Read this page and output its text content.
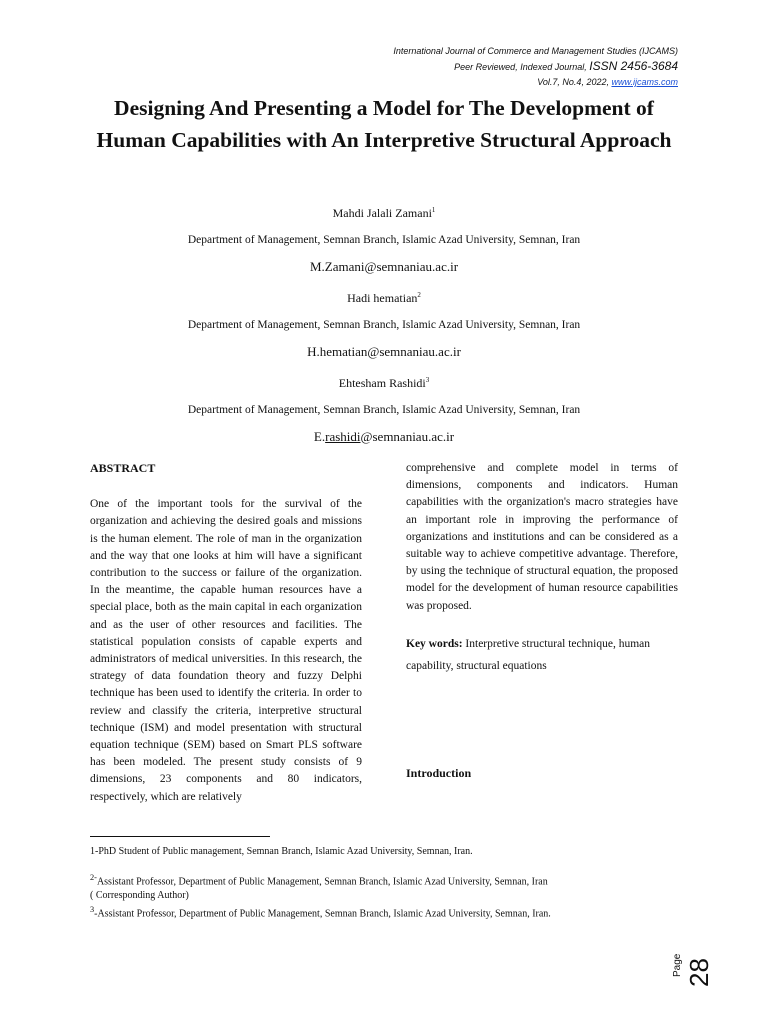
International Journal of Commerce and Management Studies (IJCAMS)
Peer Reviewed, Indexed Journal, ISSN 2456-3684
Vol.7, No.4, 2022, www.ijcams.com
Designing And Presenting a Model for The Development of Human Capabilities with An Interpretive Structural Approach
Mahdi Jalali Zamani$^1$
Department of Management, Semnan Branch, Islamic Azad University, Semnan, Iran
M.Zamani@semnaniau.ac.ir
Hadi hematian$^2$
Department of Management, Semnan Branch, Islamic Azad University, Semnan, Iran
H.hematian@semnaniau.ac.ir
Ehtesham Rashidi$^3$
Department of Management, Semnan Branch, Islamic Azad University, Semnan, Iran
E.rashidi@semnaniau.ac.ir
ABSTRACT

One of the important tools for the survival of the organization and achieving the desired goals and missions is the human element. The role of man in the organization and the way that one looks at him will have a significant contribution to the success or failure of the organization. In the meantime, the capable human resources have a special place, both as the main capital in each organization and as the user of other resources and facilities. The statistical population consists of capable experts and administrators of medical universities. In this research, the strategy of data foundation theory and fuzzy Delphi technique has been used to identify the criteria. In order to review and classify the criteria, interpretive structural technique (ISM) and model presentation with structural equation technique (SEM) based on Smart PLS software has been modeled. The present study consists of 9 dimensions, 23 components and 80 indicators, respectively, which are relatively

comprehensive and complete model in terms of dimensions, components and indicators. Human capabilities with the organization's macro strategies have an important role in improving the performance of organizations and institutions and can be considered as a suitable way to achieve competitive advantage. Therefore, by using the technique of structural equation, the proposed model for the development of human resource capabilities was proposed.

Key words: Interpretive structural technique, human capability, structural equations
Introduction

1-PhD Student of Public management, Semnan Branch, Islamic Azad University, Semnan, Iran.

$^{2-}$Assistant Professor, Department of Public Management, Semnan Branch, Islamic Azad University, Semnan, Iran

( Corresponding Author)

$^3$-Assistant Professor, Department of Public Management, Semnan Branch, Islamic Azad University, Semnan, Iran.

Page 28
